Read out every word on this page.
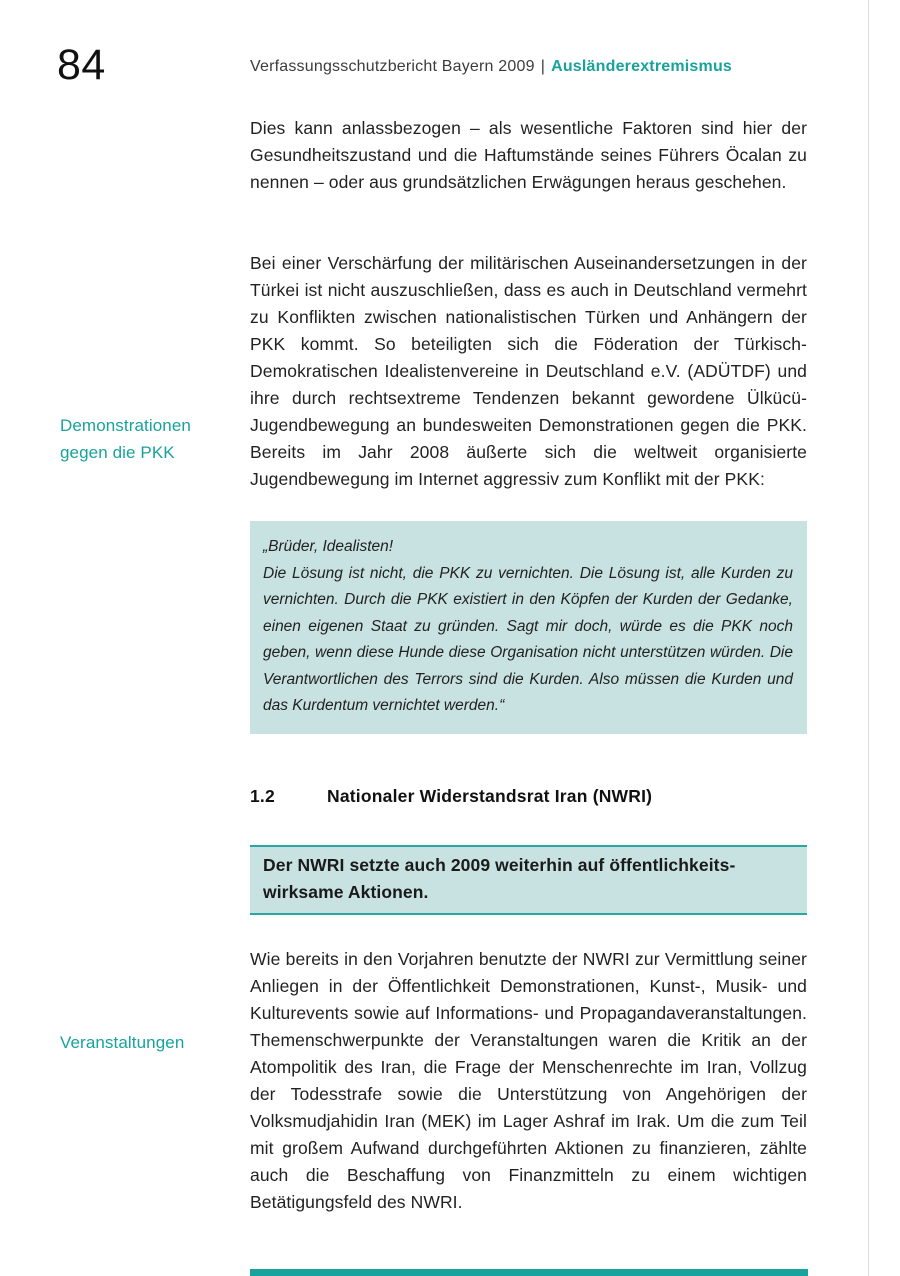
84	Verfassungsschutzbericht Bayern 2009 | Ausländerextremismus
Dies kann anlassbezogen – als wesentliche Faktoren sind hier der Gesundheitszustand und die Haftumstände seines Führers Öcalan zu nennen – oder aus grundsätzlichen Erwägungen heraus geschehen.
Bei einer Verschärfung der militärischen Auseinandersetzungen in der Türkei ist nicht auszuschließen, dass es auch in Deutschland vermehrt zu Konflikten zwischen nationalistischen Türken und Anhängern der PKK kommt. So beteiligten sich die Föderation der Türkisch-Demokratischen Idealistenvereine in Deutschland e.V. (ADÜTDF) und ihre durch rechtsextreme Tendenzen bekannt gewordene Ülkücü-Jugendbewegung an bundesweiten Demonstrationen gegen die PKK. Bereits im Jahr 2008 äußerte sich die weltweit organisierte Jugendbewegung im Internet aggressiv zum Konflikt mit der PKK:
Demonstrationen gegen die PKK
„Brüder, Idealisten!
Die Lösung ist nicht, die PKK zu vernichten. Die Lösung ist, alle Kurden zu vernichten. Durch die PKK existiert in den Köpfen der Kurden der Gedanke, einen eigenen Staat zu gründen. Sagt mir doch, würde es die PKK noch geben, wenn diese Hunde diese Organisation nicht unterstützen würden. Die Verantwortlichen des Terrors sind die Kurden. Also müssen die Kurden und das Kurdentum vernichtet werden.“
1.2	Nationaler Widerstandsrat Iran (NWRI)
Der NWRI setzte auch 2009 weiterhin auf öffentlichkeits-
wirksame Aktionen.
Veranstaltungen
Wie bereits in den Vorjahren benutzte der NWRI zur Vermittlung seiner Anliegen in der Öffentlichkeit Demonstrationen, Kunst-, Musik- und Kulturevents sowie auf Informations- und Propagandaveranstaltungen. Themenschwerpunkte der Veranstaltungen waren die Kritik an der Atompolitik des Iran, die Frage der Menschenrechte im Iran, Vollzug der Todesstrafe sowie die Unterstützung von Angehörigen der Volksmudjahidin Iran (MEK) im Lager Ashraf im Irak. Um die zum Teil mit großem Aufwand durchgeführten Aktionen zu finanzieren, zählte auch die Beschaffung von Finanzmitteln zu einem wichtigen Betätigungsfeld des NWRI.
